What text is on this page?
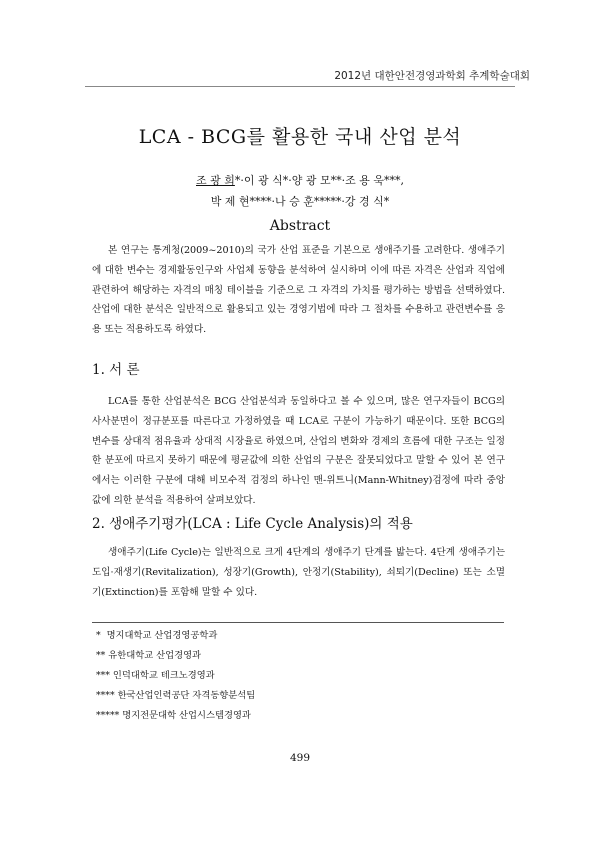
2012년 대한안전경영과학회 추계학술대회
LCA - BCG를 활용한 국내 산업 분석
조 광 희*·이 광 식*·양 광 모**·조 용 욱***,
박 제 현****·나 승 훈*****·강 경 식*
Abstract

본 연구는 통계청(2009~2010)의 국가 산업 표준을 기본으로 생애주기를 고려한다. 생애주기에 대한 변수는 경제활동인구와 사업체 동향을 분석하여 실시하며 이에 따른 자격은 산업과 직업에 관련하여 해당하는 자격의 매칭 테이블을 기준으로 그 자격의 가치를 평가하는 방법을 선택하였다. 산업에 대한 분석은 일반적으로 활용되고 있는 경영기법에 따라 그 절차를 수용하고 관련변수를 응용 또는 적용하도록 하였다.

1. 서 론

LCA를 통한 산업분석은 BCG 산업분석과 동일하다고 볼 수 있으며, 많은 연구자들이 BCG의 사사분면이 정규분포를 따른다고 가정하였을 때 LCA로 구분이 가능하기 때문이다. 또한 BCG의 변수를 상대적 점유율과 상대적 시장율로 하였으며, 산업의 변화와 경제의 흐름에 대한 구조는 일정한 분포에 따르지 못하기 때문에 평균값에 의한 산업의 구분은 잘못되었다고 말할 수 있어 본 연구에서는 이러한 구분에 대해 비모수적 검정의 하나인 맨-위트니(Mann-Whitney)검정에 따라 중앙값에 의한 분석을 적용하여 살펴보았다.

2. 생애주기평가(LCA : Life Cycle Analysis)의 적용

생애주기(Life Cycle)는 일반적으로 크게 4단계의 생애주기 단계를 밟는다. 4단계 생애주기는 도입·재생기(Revitalization), 성장기(Growth), 안정기(Stability), 쇠퇴기(Decline) 또는 소멸기(Extinction)를 포함해 말할 수 있다.

* 명지대학교 산업경영공학과
** 유한대학교 산업경영과
*** 인덕대학교 테크노경영과
**** 한국산업인력공단 자격동향분석팀
***** 명지전문대학 산업시스템경영과
499
